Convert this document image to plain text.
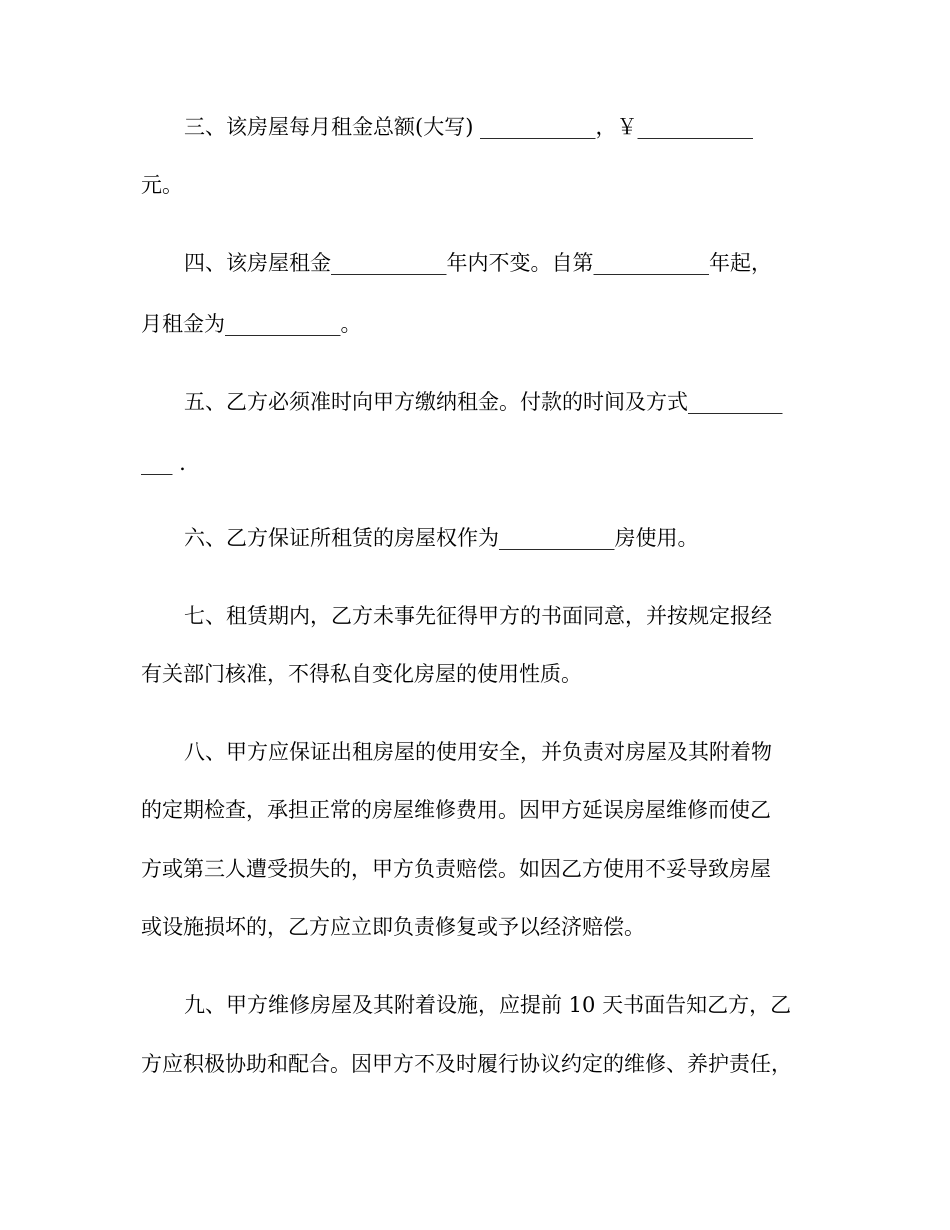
三、该房屋每月租金总额(大写) ___________，￥___________
元。
四、该房屋租金___________年内不变。自第___________年起，
月租金为___________。
五、乙方必须准时向甲方缴纳租金。付款的时间及方式_________
___ .
六、乙方保证所租赁的房屋权作为___________房使用。
七、租赁期内，乙方未事先征得甲方的书面同意，并按规定报经
有关部门核准，不得私自变化房屋的使用性质。
八、甲方应保证出租房屋的使用安全，并负责对房屋及其附着物
的定期检查，承担正常的房屋维修费用。因甲方延误房屋维修而使乙
方或第三人遭受损失的，甲方负责赔偿。如因乙方使用不妥导致房屋
或设施损坏的，乙方应立即负责修复或予以经济赔偿。
九、甲方维修房屋及其附着设施，应提前 10 天书面告知乙方，乙
方应积极协助和配合。因甲方不及时履行协议约定的维修、养护责任，
